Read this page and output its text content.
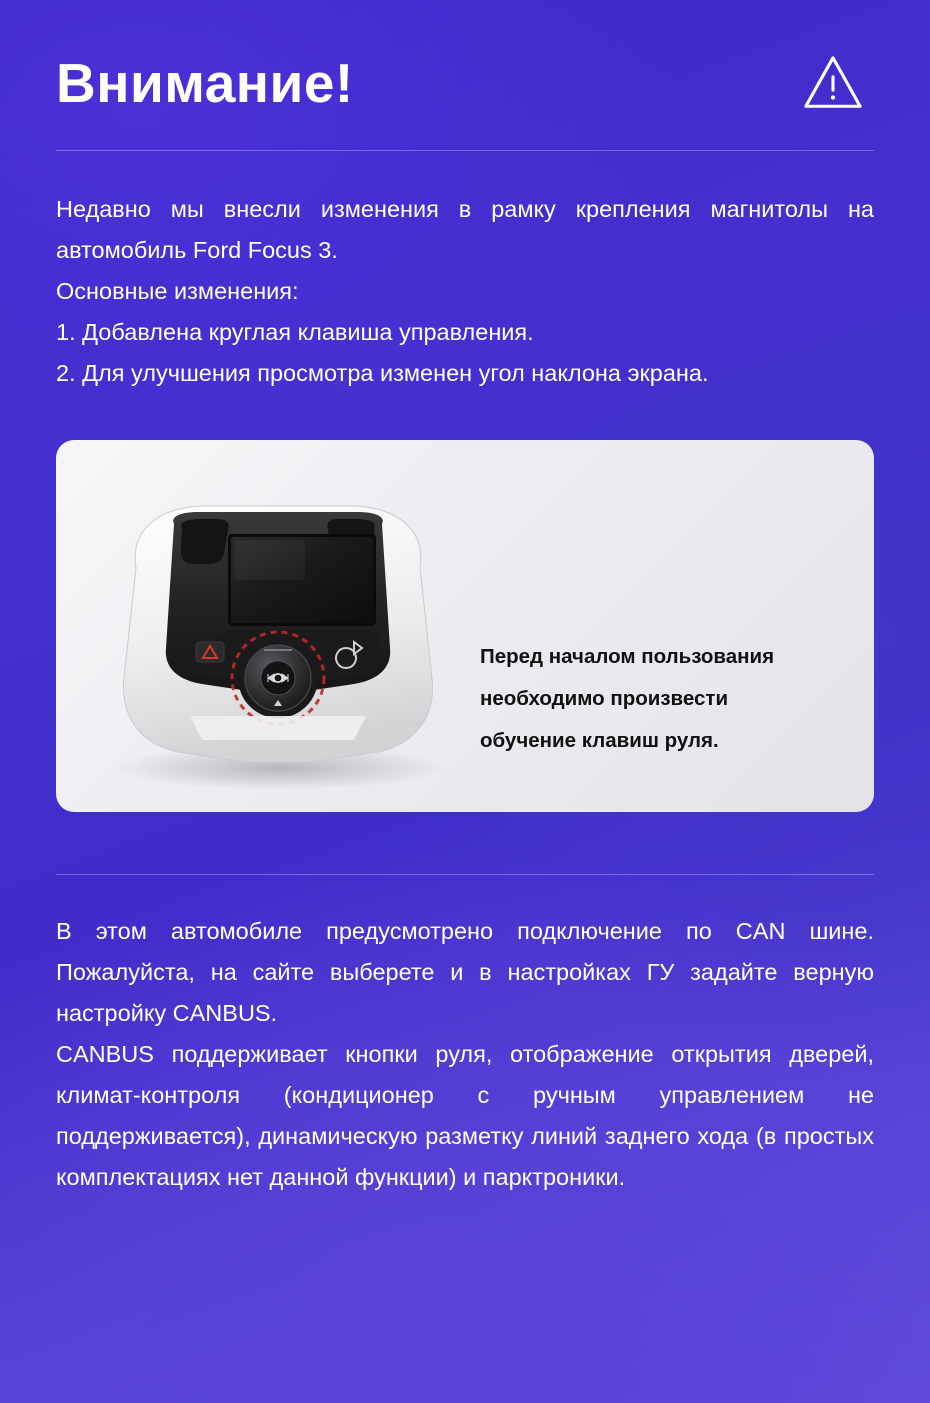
Внимание!

Недавно мы внесли изменения в рамку крепления магнитолы на автомобиль Ford Focus 3.

Основные изменения:

1. Добавлена круглая клавиша управления.

2. Для улучшения просмотра изменен угол наклона экрана.

Перед началом пользования
необходимо произвести
обучение клавиш руля.

В этом автомобиле предусмотрено подключение по CAN шине. Пожалуйста, на сайте выберете и в настройках ГУ задайте верную настройку CANBUS.

CANBUS поддерживает кнопки руля, отображение открытия дверей, климат-контроля (кондиционер с ручным управлением не поддерживается), динамическую разметку линий заднего хода (в простых комплектациях нет данной функции) и парктроники.
